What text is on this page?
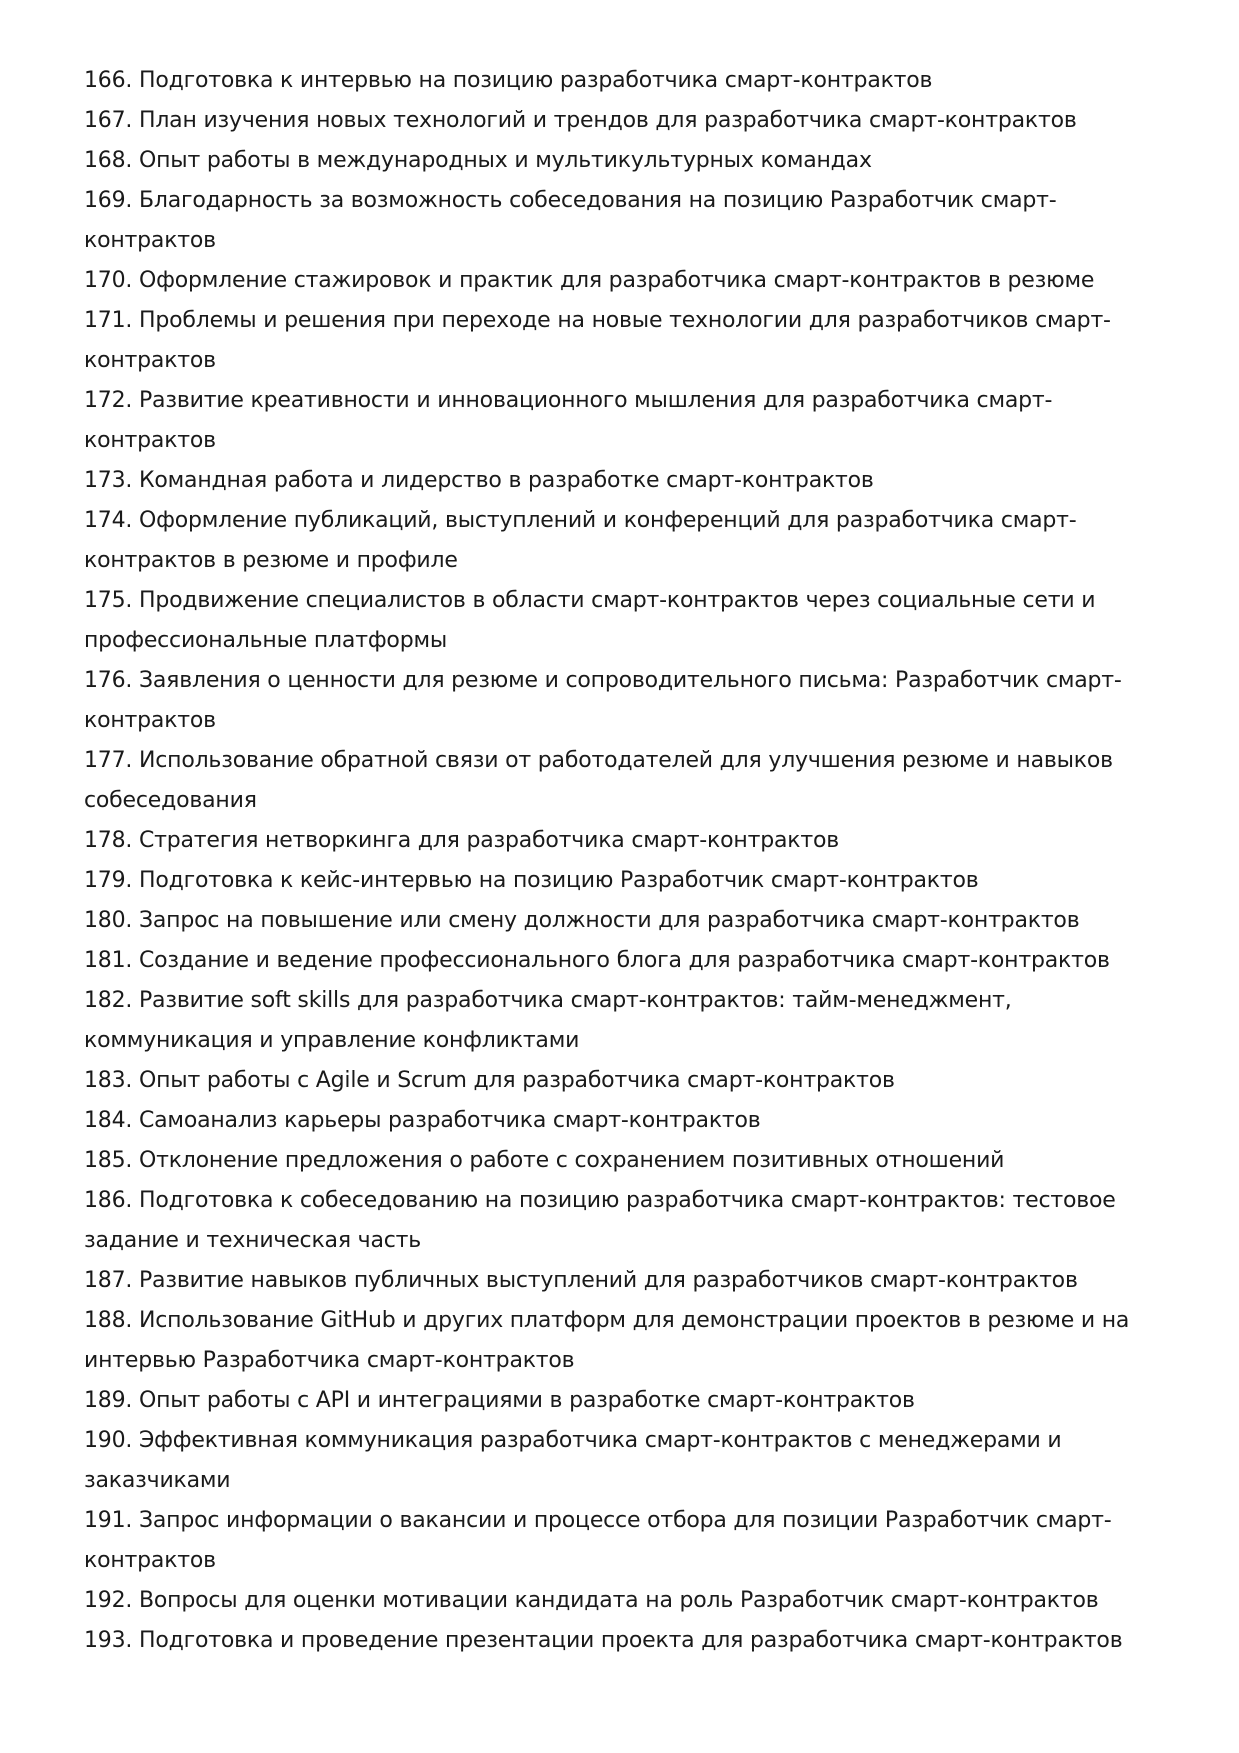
166. Подготовка к интервью на позицию разработчика смарт-контрактов

167. План изучения новых технологий и трендов для разработчика смарт-контрактов

168. Опыт работы в международных и мультикультурных командах

169. Благодарность за возможность собеседования на позицию Разработчик смарт-контрактов

170. Оформление стажировок и практик для разработчика смарт-контрактов в резюме

171. Проблемы и решения при переходе на новые технологии для разработчиков смарт-контрактов

172. Развитие креативности и инновационного мышления для разработчика смарт-контрактов

173. Командная работа и лидерство в разработке смарт-контрактов

174. Оформление публикаций, выступлений и конференций для разработчика смарт-контрактов в резюме и профиле

175. Продвижение специалистов в области смарт-контрактов через социальные сети и профессиональные платформы

176. Заявления о ценности для резюме и сопроводительного письма: Разработчик смарт-контрактов

177. Использование обратной связи от работодателей для улучшения резюме и навыков собеседования

178. Стратегия нетворкинга для разработчика смарт-контрактов

179. Подготовка к кейс-интервью на позицию Разработчик смарт-контрактов

180. Запрос на повышение или смену должности для разработчика смарт-контрактов

181. Создание и ведение профессионального блога для разработчика смарт-контрактов

182. Развитие soft skills для разработчика смарт-контрактов: тайм-менеджмент, коммуникация и управление конфликтами

183. Опыт работы с Agile и Scrum для разработчика смарт-контрактов

184. Самоанализ карьеры разработчика смарт-контрактов

185. Отклонение предложения о работе с сохранением позитивных отношений

186. Подготовка к собеседованию на позицию разработчика смарт-контрактов: тестовое задание и техническая часть

187. Развитие навыков публичных выступлений для разработчиков смарт-контрактов

188. Использование GitHub и других платформ для демонстрации проектов в резюме и на интервью Разработчика смарт-контрактов

189. Опыт работы с API и интеграциями в разработке смарт-контрактов

190. Эффективная коммуникация разработчика смарт-контрактов с менеджерами и заказчиками

191. Запрос информации о вакансии и процессе отбора для позиции Разработчик смарт-контрактов

192. Вопросы для оценки мотивации кандидата на роль Разработчик смарт-контрактов

193. Подготовка и проведение презентации проекта для разработчика смарт-контрактов
